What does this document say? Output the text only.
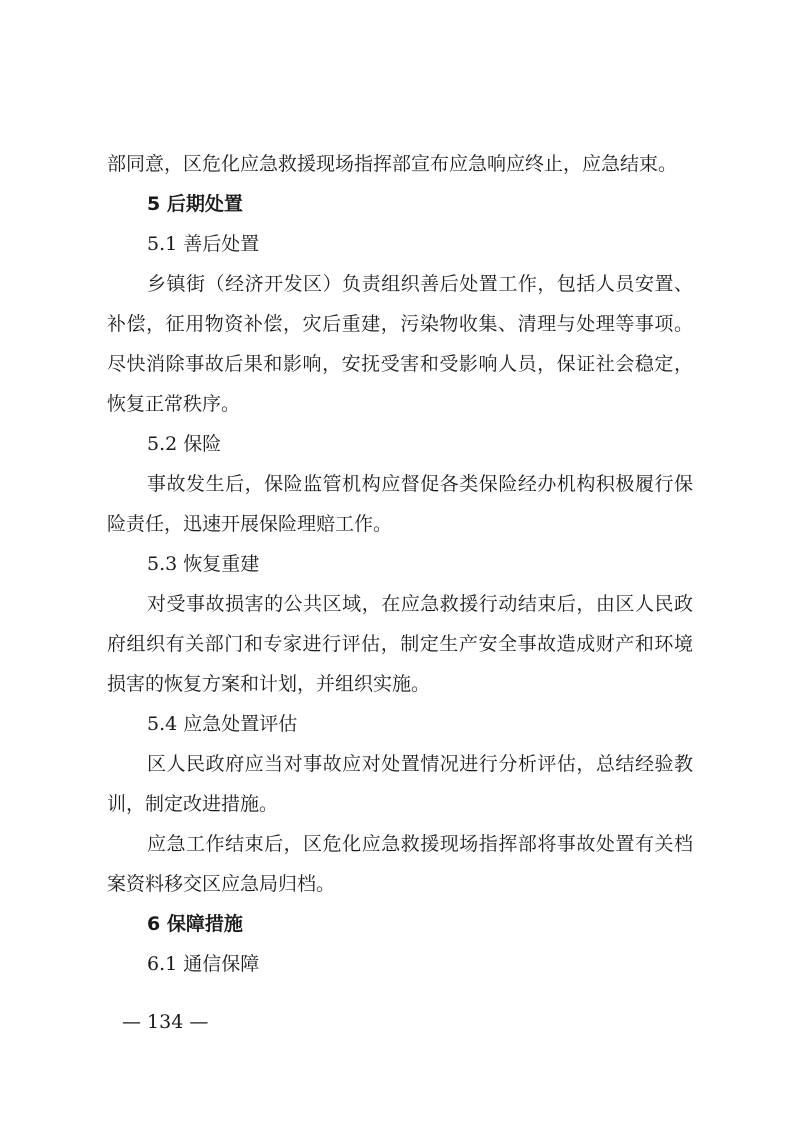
部同意，区危化应急救援现场指挥部宣布应急响应终止，应急结束。

5 后期处置

5.1 善后处置

乡镇街（经济开发区）负责组织善后处置工作，包括人员安置、补偿，征用物资补偿，灾后重建，污染物收集、清理与处理等事项。尽快消除事故后果和影响，安抚受害和受影响人员，保证社会稳定，恢复正常秩序。

5.2 保险

事故发生后，保险监管机构应督促各类保险经办机构积极履行保险责任，迅速开展保险理赔工作。

5.3 恢复重建

对受事故损害的公共区域，在应急救援行动结束后，由区人民政府组织有关部门和专家进行评估，制定生产安全事故造成财产和环境损害的恢复方案和计划，并组织实施。

5.4 应急处置评估

区人民政府应当对事故应对处置情况进行分析评估，总结经验教训，制定改进措施。

应急工作结束后，区危化应急救援现场指挥部将事故处置有关档案资料移交区应急局归档。

6 保障措施

6.1 通信保障

— 134 —
